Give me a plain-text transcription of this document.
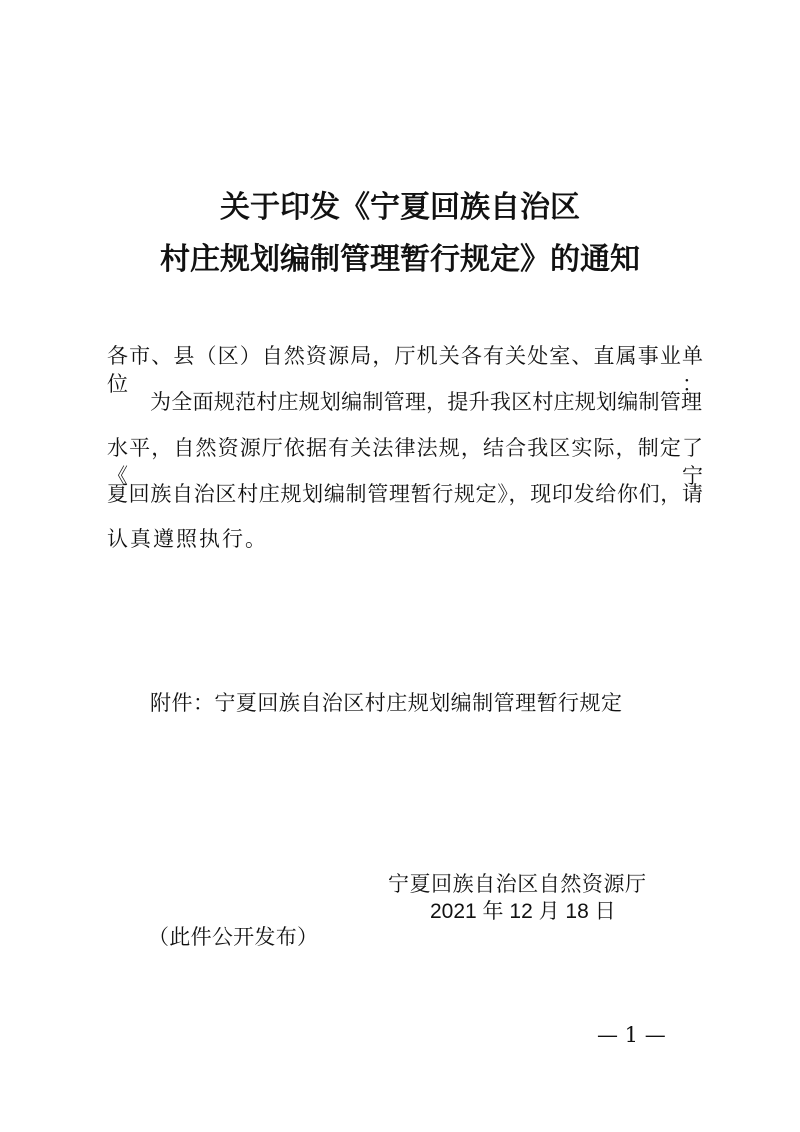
关于印发《宁夏回族自治区
村庄规划编制管理暂行规定》的通知
各市、县（区）自然资源局，厅机关各有关处室、直属事业单位：
为全面规范村庄规划编制管理，提升我区村庄规划编制管理
水平，自然资源厅依据有关法律法规，结合我区实际，制定了《宁
夏回族自治区村庄规划编制管理暂行规定》，现印发给你们，请
认真遵照执行。
附件：宁夏回族自治区村庄规划编制管理暂行规定
宁夏回族自治区自然资源厅
2021 年 12 月 18 日
（此件公开发布）
— 1 —
